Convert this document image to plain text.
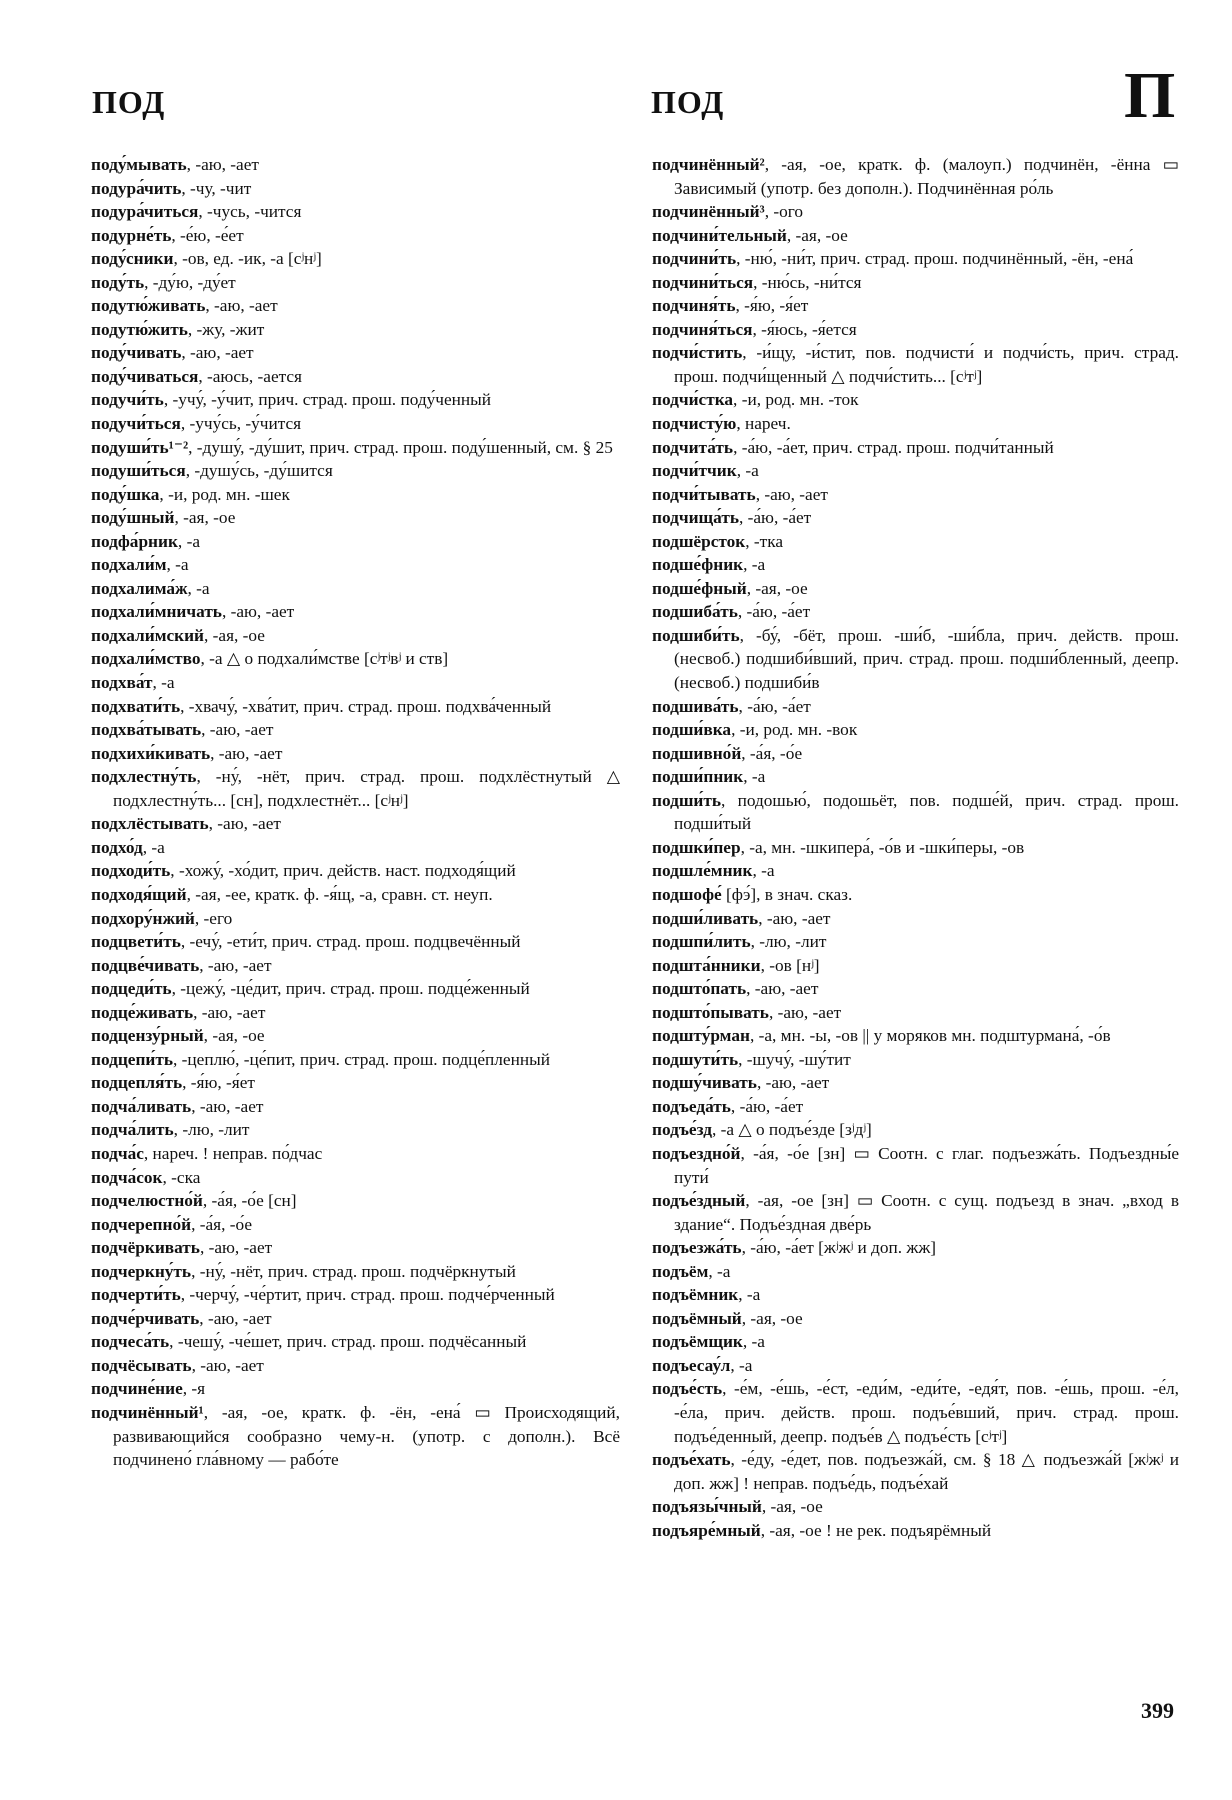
ПОД	ПОД	П

поду́мывать, -аю, -ает

подура́чить, -чу, -чит

подура́читься, -чусь, -чится

подурне́ть, -е́ю, -е́ет

поду́сники, -ов, ед. -ик, -а [сʲнʲ]

поду́ть, -ду́ю, -ду́ет

подутю́живать, -аю, -ает

подутю́жить, -жу, -жит

поду́чивать, -аю, -ает

поду́чиваться, -аюсь, -ается

подучи́ть, -учу́, -у́чит, прич. страд. прош. поду́ченный

подучи́ться, -учу́сь, -у́чится

подуши́ть¹⁻², -душу́, -ду́шит, прич. страд. прош. поду́шенный, см. § 25

подуши́ться, -душу́сь, -ду́шится

поду́шка, -и, род. мн. -шек

поду́шный, -ая, -ое

подфа́рник, -а

подхали́м, -а

подхалима́ж, -а

подхали́мничать, -аю, -ает

подхали́мский, -ая, -ое

подхали́мство, -а △ о подхали́мстве [сʲтʲвʲ и ств]

подхва́т, -а

подхвати́ть, -хвачу́, -хва́тит, прич. страд. прош. подхва́ченный

подхва́тывать, -аю, -ает

подхихи́кивать, -аю, -ает

подхлестну́ть, -ну́, -нёт, прич. страд. прош. подхлёстнутый △ подхлестну́ть... [сн], подхлестнёт... [сʲнʲ]

подхлёстывать, -аю, -ает

подхо́д, -а

подходи́ть, -хожу́, -хо́дит, прич. действ. наст. подходя́щий

подходя́щий, -ая, -ее, кратк. ф. -я́щ, -а, сравн. ст. неуп.

подхору́нжий, -его

подцвети́ть, -ечу́, -ети́т, прич. страд. прош. подцвечённый

подцве́чивать, -аю, -ает

подцеди́ть, -цежу́, -це́дит, прич. страд. прош. подце́женный

подце́живать, -аю, -ает

подцензу́рный, -ая, -ое

подцепи́ть, -цеплю́, -це́пит, прич. страд. прош. подце́пленный

подцепля́ть, -я́ю, -я́ет

подча́ливать, -аю, -ает

подча́лить, -лю, -лит

подча́с, нареч. ! неправ. по́дчас

подча́сок, -ска

подчелюстно́й, -а́я, -о́е [сн]

подчерепно́й, -а́я, -о́е

подчёркивать, -аю, -ает

подчеркну́ть, -ну́, -нёт, прич. страд. прош. подчёркнутый

подчерти́ть, -черчу́, -че́ртит, прич. страд. прош. подче́рченный

подче́рчивать, -аю, -ает

подчеса́ть, -чешу́, -че́шет, прич. страд. прош. подчёсанный

подчёсывать, -аю, -ает

подчине́ние, -я

подчинённый¹, -ая, -ое, кратк. ф. -ён, -ена́ ▭ Происходящий, развивающийся сообразно чему-н. (употр. с дополн.). Всё подчинено́ гла́вному — рабо́те

подчинённый², -ая, -ое, кратк. ф. (малоуп.) подчинён, -ённа ▭ Зависимый (употр. без дополн.). Подчинённая ро́ль

подчинённый³, -ого

подчини́тельный, -ая, -ое

подчини́ть, -ню́, -ни́т, прич. страд. прош. подчинённый, -ён, -ена́

подчини́ться, -ню́сь, -ни́тся

подчиня́ть, -я́ю, -я́ет

подчиня́ться, -я́юсь, -я́ется

подчи́стить, -и́щу, -и́стит, пов. подчисти́ и подчи́сть, прич. страд. прош. подчи́щенный △ подчи́стить... [сʲтʲ]

подчи́стка, -и, род. мн. -ток

подчисту́ю, нареч.

подчита́ть, -а́ю, -а́ет, прич. страд. прош. подчи́танный

подчи́тчик, -а

подчи́тывать, -аю, -ает

подчища́ть, -а́ю, -а́ет

подшёрсток, -тка

подше́фник, -а

подше́фный, -ая, -ое

подшиба́ть, -а́ю, -а́ет

подшиби́ть, -бу́, -бёт, прош. -ши́б, -ши́бла, прич. действ. прош. (несвоб.) подшиби́вший, прич. страд. прош. подши́бленный, деепр. (несвоб.) подшиби́в

подшива́ть, -а́ю, -а́ет

подши́вка, -и, род. мн. -вок

подшивно́й, -а́я, -о́е

подши́пник, -а

подши́ть, подошью́, подошьёт, пов. подше́й, прич. страд. прош. подши́тый

подшки́пер, -а, мн. -шкипера́, -о́в и -шки́перы, -ов

подшле́мник, -а

подшофе́ [фэ́], в знач. сказ.

подши́ливать, -аю, -ает

подшпи́лить, -лю, -лит

подшта́нники, -ов [нʲ]

подшто́пать, -аю, -ает

подшто́пывать, -аю, -ает

подшту́рман, -а, мн. -ы, -ов || у моряков мн. подштурмана́, -о́в

подшути́ть, -шучу́, -шу́тит

подшу́чивать, -аю, -ает

подъеда́ть, -а́ю, -а́ет

подъе́зд, -а △ о подъе́зде [зʲдʲ]

подъездно́й, -а́я, -о́е [зн] ▭ Соотн. с глаг. подъезжа́ть. Подъездны́е пути́

подъе́здный, -ая, -ое [зн] ▭ Соотн. с сущ. подъезд в знач. „вход в здание“. Подъе́здная две́рь

подъезжа́ть, -а́ю, -а́ет [жʲжʲ и доп. жж]

подъём, -а

подъёмник, -а

подъёмный, -ая, -ое

подъёмщик, -а

подъесау́л, -а

подъе́сть, -е́м, -е́шь, -е́ст, -еди́м, -еди́те, -едя́т, пов. -е́шь, прош. -е́л, -е́ла, прич. действ. прош. подъе́вший, прич. страд. прош. подъе́денный, деепр. подъе́в △ подъе́сть [сʲтʲ]

подъе́хать, -е́ду, -е́дет, пов. подъезжа́й, см. § 18 △ подъезжа́й [жʲжʲ и доп. жж] ! неправ. подъе́дь, подъе́хай

подъязы́чный, -ая, -ое

подъяре́мный, -ая, -ое ! не рек. подъярёмный

399
